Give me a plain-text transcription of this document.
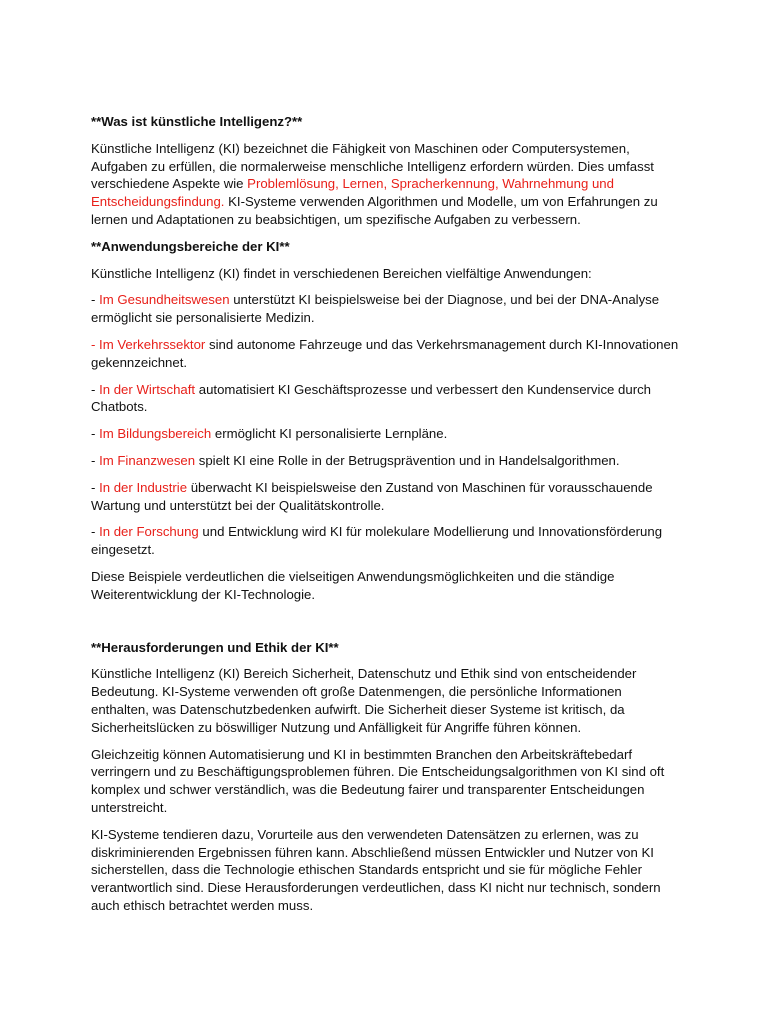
**Was ist künstliche Intelligenz?**
Künstliche Intelligenz (KI) bezeichnet die Fähigkeit von Maschinen oder Computersystemen, Aufgaben zu erfüllen, die normalerweise menschliche Intelligenz erfordern würden. Dies umfasst verschiedene Aspekte wie Problemlösung, Lernen, Spracherkennung, Wahrnehmung und Entscheidungsfindung. KI-Systeme verwenden Algorithmen und Modelle, um von Erfahrungen zu lernen und Adaptationen zu beabsichtigen, um spezifische Aufgaben zu verbessern.
**Anwendungsbereiche der KI**
Künstliche Intelligenz (KI) findet in verschiedenen Bereichen vielfältige Anwendungen:
- Im Gesundheitswesen unterstützt KI beispielsweise bei der Diagnose, und bei der DNA-Analyse ermöglicht sie personalisierte Medizin.
- Im Verkehrssektor sind autonome Fahrzeuge und das Verkehrsmanagement durch KI-Innovationen gekennzeichnet.
- In der Wirtschaft automatisiert KI Geschäftsprozesse und verbessert den Kundenservice durch Chatbots.
- Im Bildungsbereich ermöglicht KI personalisierte Lernpläne.
- Im Finanzwesen spielt KI eine Rolle in der Betrugsprävention und in Handelsalgorithmen.
- In der Industrie überwacht KI beispielsweise den Zustand von Maschinen für vorausschauende Wartung und unterstützt bei der Qualitätskontrolle.
- In der Forschung und Entwicklung wird KI für molekulare Modellierung und Innovationsförderung eingesetzt.
Diese Beispiele verdeutlichen die vielseitigen Anwendungsmöglichkeiten und die ständige Weiterentwicklung der KI-Technologie.
**Herausforderungen und Ethik der KI**
Künstliche Intelligenz (KI) Bereich Sicherheit, Datenschutz und Ethik sind von entscheidender Bedeutung. KI-Systeme verwenden oft große Datenmengen, die persönliche Informationen enthalten, was Datenschutzbedenken aufwirft. Die Sicherheit dieser Systeme ist kritisch, da Sicherheitslücken zu böswilliger Nutzung und Anfälligkeit für Angriffe führen können.
Gleichzeitig können Automatisierung und KI in bestimmten Branchen den Arbeitskräftebedarf verringern und zu Beschäftigungsproblemen führen. Die Entscheidungsalgorithmen von KI sind oft komplex und schwer verständlich, was die Bedeutung fairer und transparenter Entscheidungen unterstreicht.
KI-Systeme tendieren dazu, Vorurteile aus den verwendeten Datensätzen zu erlernen, was zu diskriminierenden Ergebnissen führen kann. Abschließend müssen Entwickler und Nutzer von KI sicherstellen, dass die Technologie ethischen Standards entspricht und sie für mögliche Fehler verantwortlich sind. Diese Herausforderungen verdeutlichen, dass KI nicht nur technisch, sondern auch ethisch betrachtet werden muss.
